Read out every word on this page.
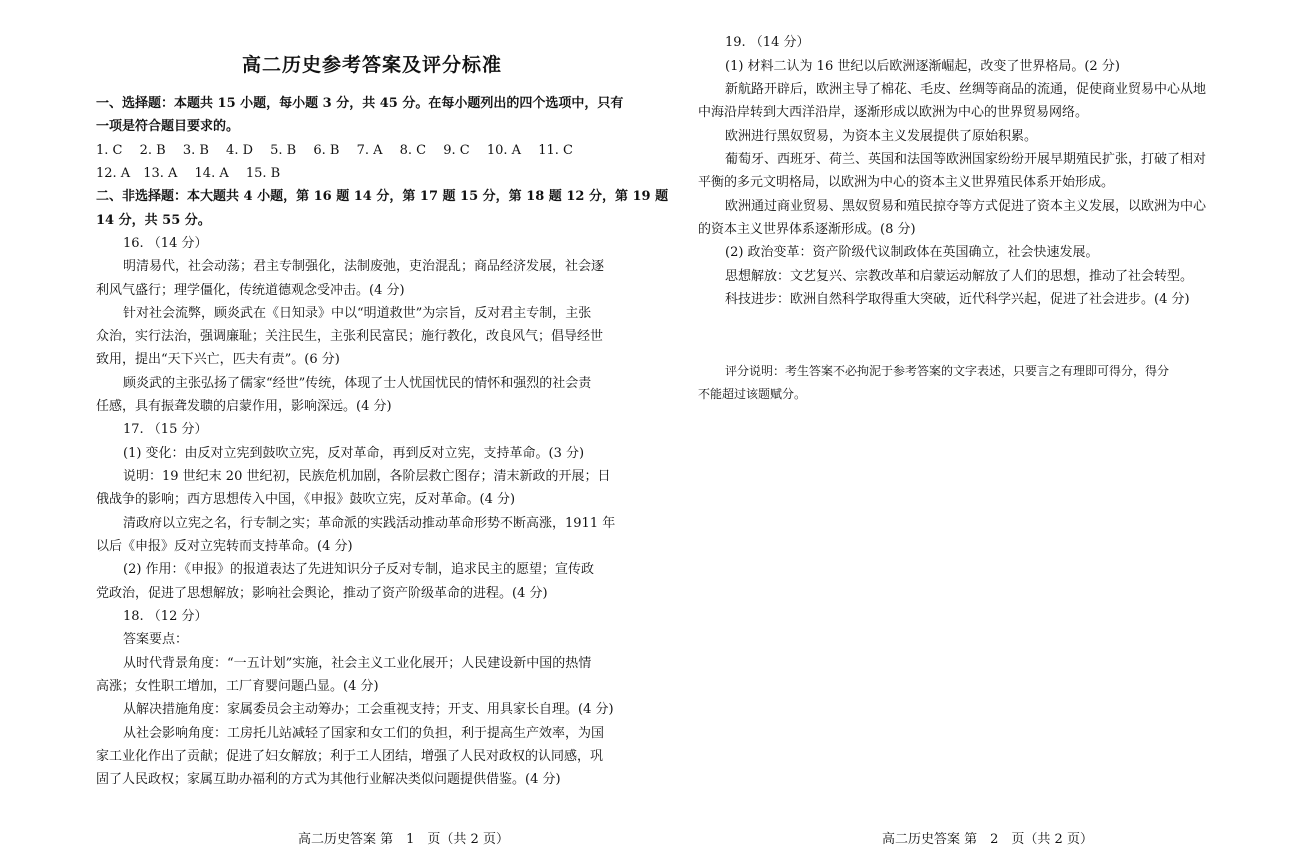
高二历史参考答案及评分标准
一、选择题：本题共 15 小题，每小题 3 分，共 45 分。在每小题列出的四个选项中，只有
一项是符合题目要求的。
1. C　 2. B　 3. B　 4. D　 5. B　 6. B　 7. A　 8. C　 9. C　 10. A　 11. C
12. A　13. A　 14. A　 15. B
二、非选择题：本大题共 4 小题，第 16 题 14 分，第 17 题 15 分，第 18 题 12 分，第 19 题
14 分，共 55 分。
16. （14 分）
明清易代，社会动荡；君主专制强化，法制废弛，吏治混乱；商品经济发展，社会逐
利风气盛行；理学僵化，传统道德观念受冲击。(4 分)
针对社会流弊，顾炎武在《日知录》中以“明道救世”为宗旨，反对君主专制，主张
众治，实行法治，强调廉耻；关注民生，主张利民富民；施行教化，改良风气；倡导经世
致用，提出“天下兴亡，匹夫有责”。(6 分)
顾炎武的主张弘扬了儒家“经世”传统，体现了士人忧国忧民的情怀和强烈的社会责
任感，具有振聋发聩的启蒙作用，影响深远。(4 分)
17. （15 分）
(1) 变化：由反对立宪到鼓吹立宪，反对革命，再到反对立宪，支持革命。(3 分)
说明：19 世纪末 20 世纪初，民族危机加剧，各阶层救亡图存；清末新政的开展；日
俄战争的影响；西方思想传入中国，《申报》鼓吹立宪，反对革命。(4 分)
清政府以立宪之名，行专制之实；革命派的实践活动推动革命形势不断高涨，1911 年
以后《申报》反对立宪转而支持革命。(4 分)
(2) 作用：《申报》的报道表达了先进知识分子反对专制，追求民主的愿望；宣传政
党政治，促进了思想解放；影响社会舆论，推动了资产阶级革命的进程。(4 分)
18. （12 分）
答案要点：
从时代背景角度：“一五计划”实施，社会主义工业化展开；人民建设新中国的热情
高涨；女性职工增加，工厂育婴问题凸显。(4 分)
从解决措施角度：家属委员会主动筹办；工会重视支持；开支、用具家长自理。(4 分)
从社会影响角度：工房托儿站减轻了国家和女工们的负担，利于提高生产效率，为国
家工业化作出了贡献；促进了妇女解放；利于工人团结，增强了人民对政权的认同感，巩
固了人民政权；家属互助办福利的方式为其他行业解决类似问题提供借鉴。(4 分)
19. （14 分）
(1) 材料二认为 16 世纪以后欧洲逐渐崛起，改变了世界格局。(2 分)
新航路开辟后，欧洲主导了棉花、毛皮、丝绸等商品的流通，促使商业贸易中心从地
中海沿岸转到大西洋沿岸，逐渐形成以欧洲为中心的世界贸易网络。
欧洲进行黑奴贸易，为资本主义发展提供了原始积累。
葡萄牙、西班牙、荷兰、英国和法国等欧洲国家纷纷开展早期殖民扩张，打破了相对
平衡的多元文明格局，以欧洲为中心的资本主义世界殖民体系开始形成。
欧洲通过商业贸易、黑奴贸易和殖民掠夺等方式促进了资本主义发展，以欧洲为中心
的资本主义世界体系逐渐形成。(8 分)
(2) 政治变革：资产阶级代议制政体在英国确立，社会快速发展。
思想解放：文艺复兴、宗教改革和启蒙运动解放了人们的思想，推动了社会转型。
科技进步：欧洲自然科学取得重大突破，近代科学兴起，促进了社会进步。(4 分)
评分说明：考生答案不必拘泥于参考答案的文字表述，只要言之有理即可得分，得分
不能超过该题赋分。
高二历史答案 第　1　页（共 2 页）	高二历史答案 第　2　页（共 2 页）
